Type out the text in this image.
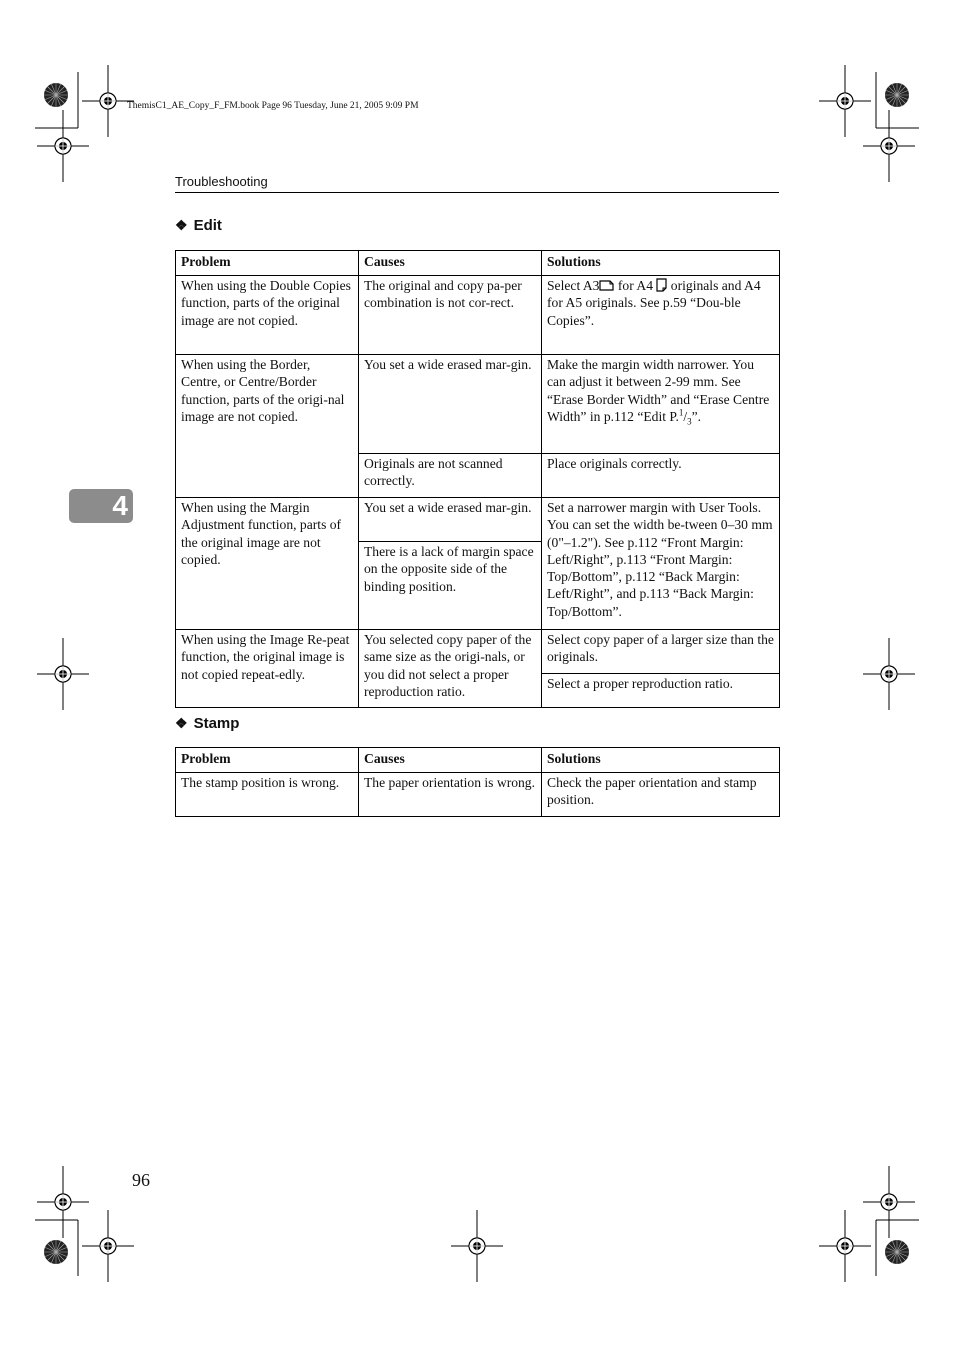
ThemisC1_AE_Copy_F_FM.book Page 96 Tuesday, June 21, 2005 9:09 PM
Troubleshooting
4
❖ Edit
Problem	Causes	Solutions
When using the Double Copies function, parts of the original image are not copied.	The original and copy pa-per combination is not cor-rect.	Select A3 for A4  originals and A4 for A5 originals. See p.59 “Dou-ble Copies”.
When using the Border, Centre, or Centre/Border function, parts of the origi-nal image are not copied.	You set a wide erased mar-gin.	Make the margin width narrower. You can adjust it between 2-99 mm. See “Erase Border Width” and “Erase Centre Width” in p.112 “Edit $P.^1/_3$”.
	Originals are not scanned correctly.	Place originals correctly.
When using the Margin Adjustment function, parts of the original image are not copied.	You set a wide erased mar-gin.	Set a narrower margin with User Tools. You can set the width be-tween 0–30 mm (0"–1.2"). See p.112 “Front Margin: Left/Right”, p.113 “Front Margin: Top/Bottom”, p.112 “Back Margin: Left/Right”, and p.113 “Back Margin: Top/Bottom”.
	There is a lack of margin space on the opposite side of the binding position.	
When using the Image Re-peat function, the original image is not copied repeat-edly.	You selected copy paper of the same size as the origi-nals, or you did not select a proper reproduction ratio.	Select copy paper of a larger size than the originals.
		Select a proper reproduction ratio.
❖ Stamp
Problem	Causes	Solutions
The stamp position is wrong.	The paper orientation is wrong.	Check the paper orientation and stamp position.
96
